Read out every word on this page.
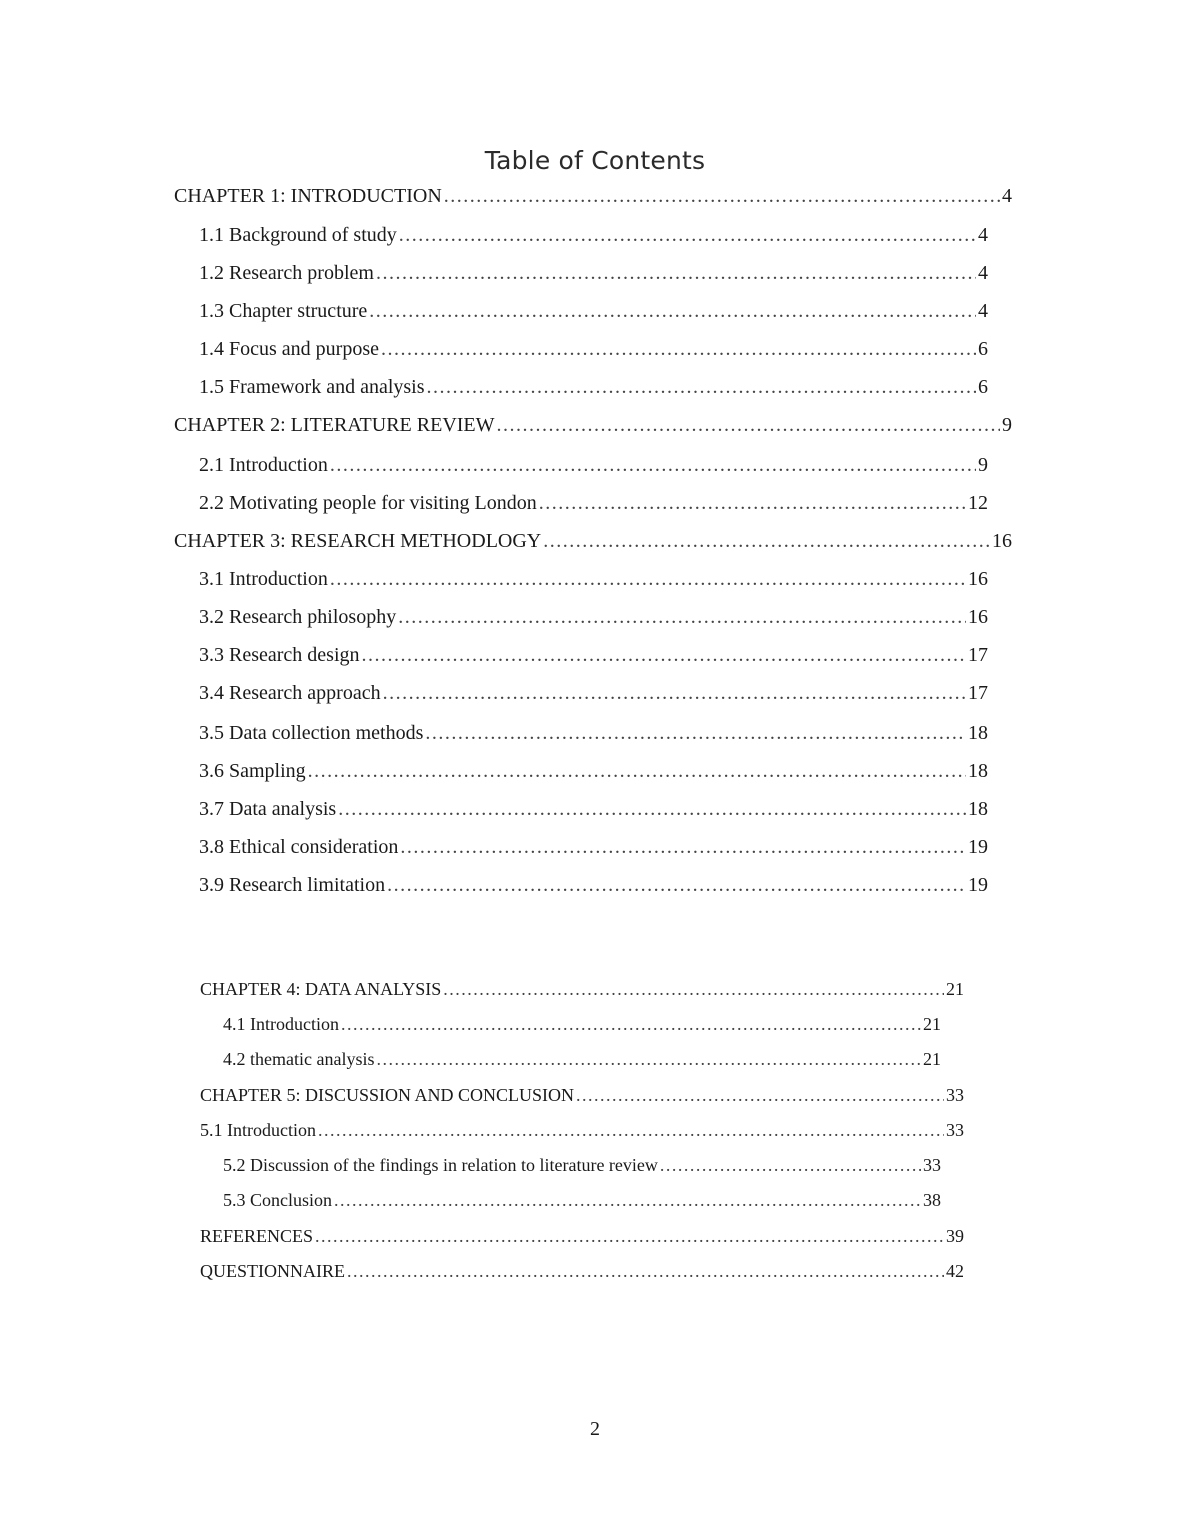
Table of Contents
CHAPTER 1: INTRODUCTION .....	4
1.1 Background of study .....	4
1.2 Research problem .....	4
1.3 Chapter structure .....	4
1.4 Focus and purpose .....	6
1.5 Framework and analysis .....	6
CHAPTER 2: LITERATURE REVIEW .....	9
2.1 Introduction .....	9
2.2 Motivating people for visiting London .....	12
CHAPTER 3: RESEARCH METHODLOGY .....	16
3.1 Introduction .....	16
3.2 Research philosophy .....	16
3.3 Research design .....	17
3.4 Research approach .....	17
3.5 Data collection methods .....	18
3.6 Sampling .....	18
3.7 Data analysis .....	18
3.8 Ethical consideration .....	19
3.9 Research limitation .....	19
CHAPTER 4: DATA ANALYSIS .....	21
4.1 Introduction .....	21
4.2 thematic analysis .....	21
CHAPTER 5: DISCUSSION AND CONCLUSION .....	33
5.1 Introduction .....	33
5.2 Discussion of the findings in relation to literature review .....	33
5.3 Conclusion .....	38
REFERENCES .....	39
QUESTIONNAIRE .....	42
2
